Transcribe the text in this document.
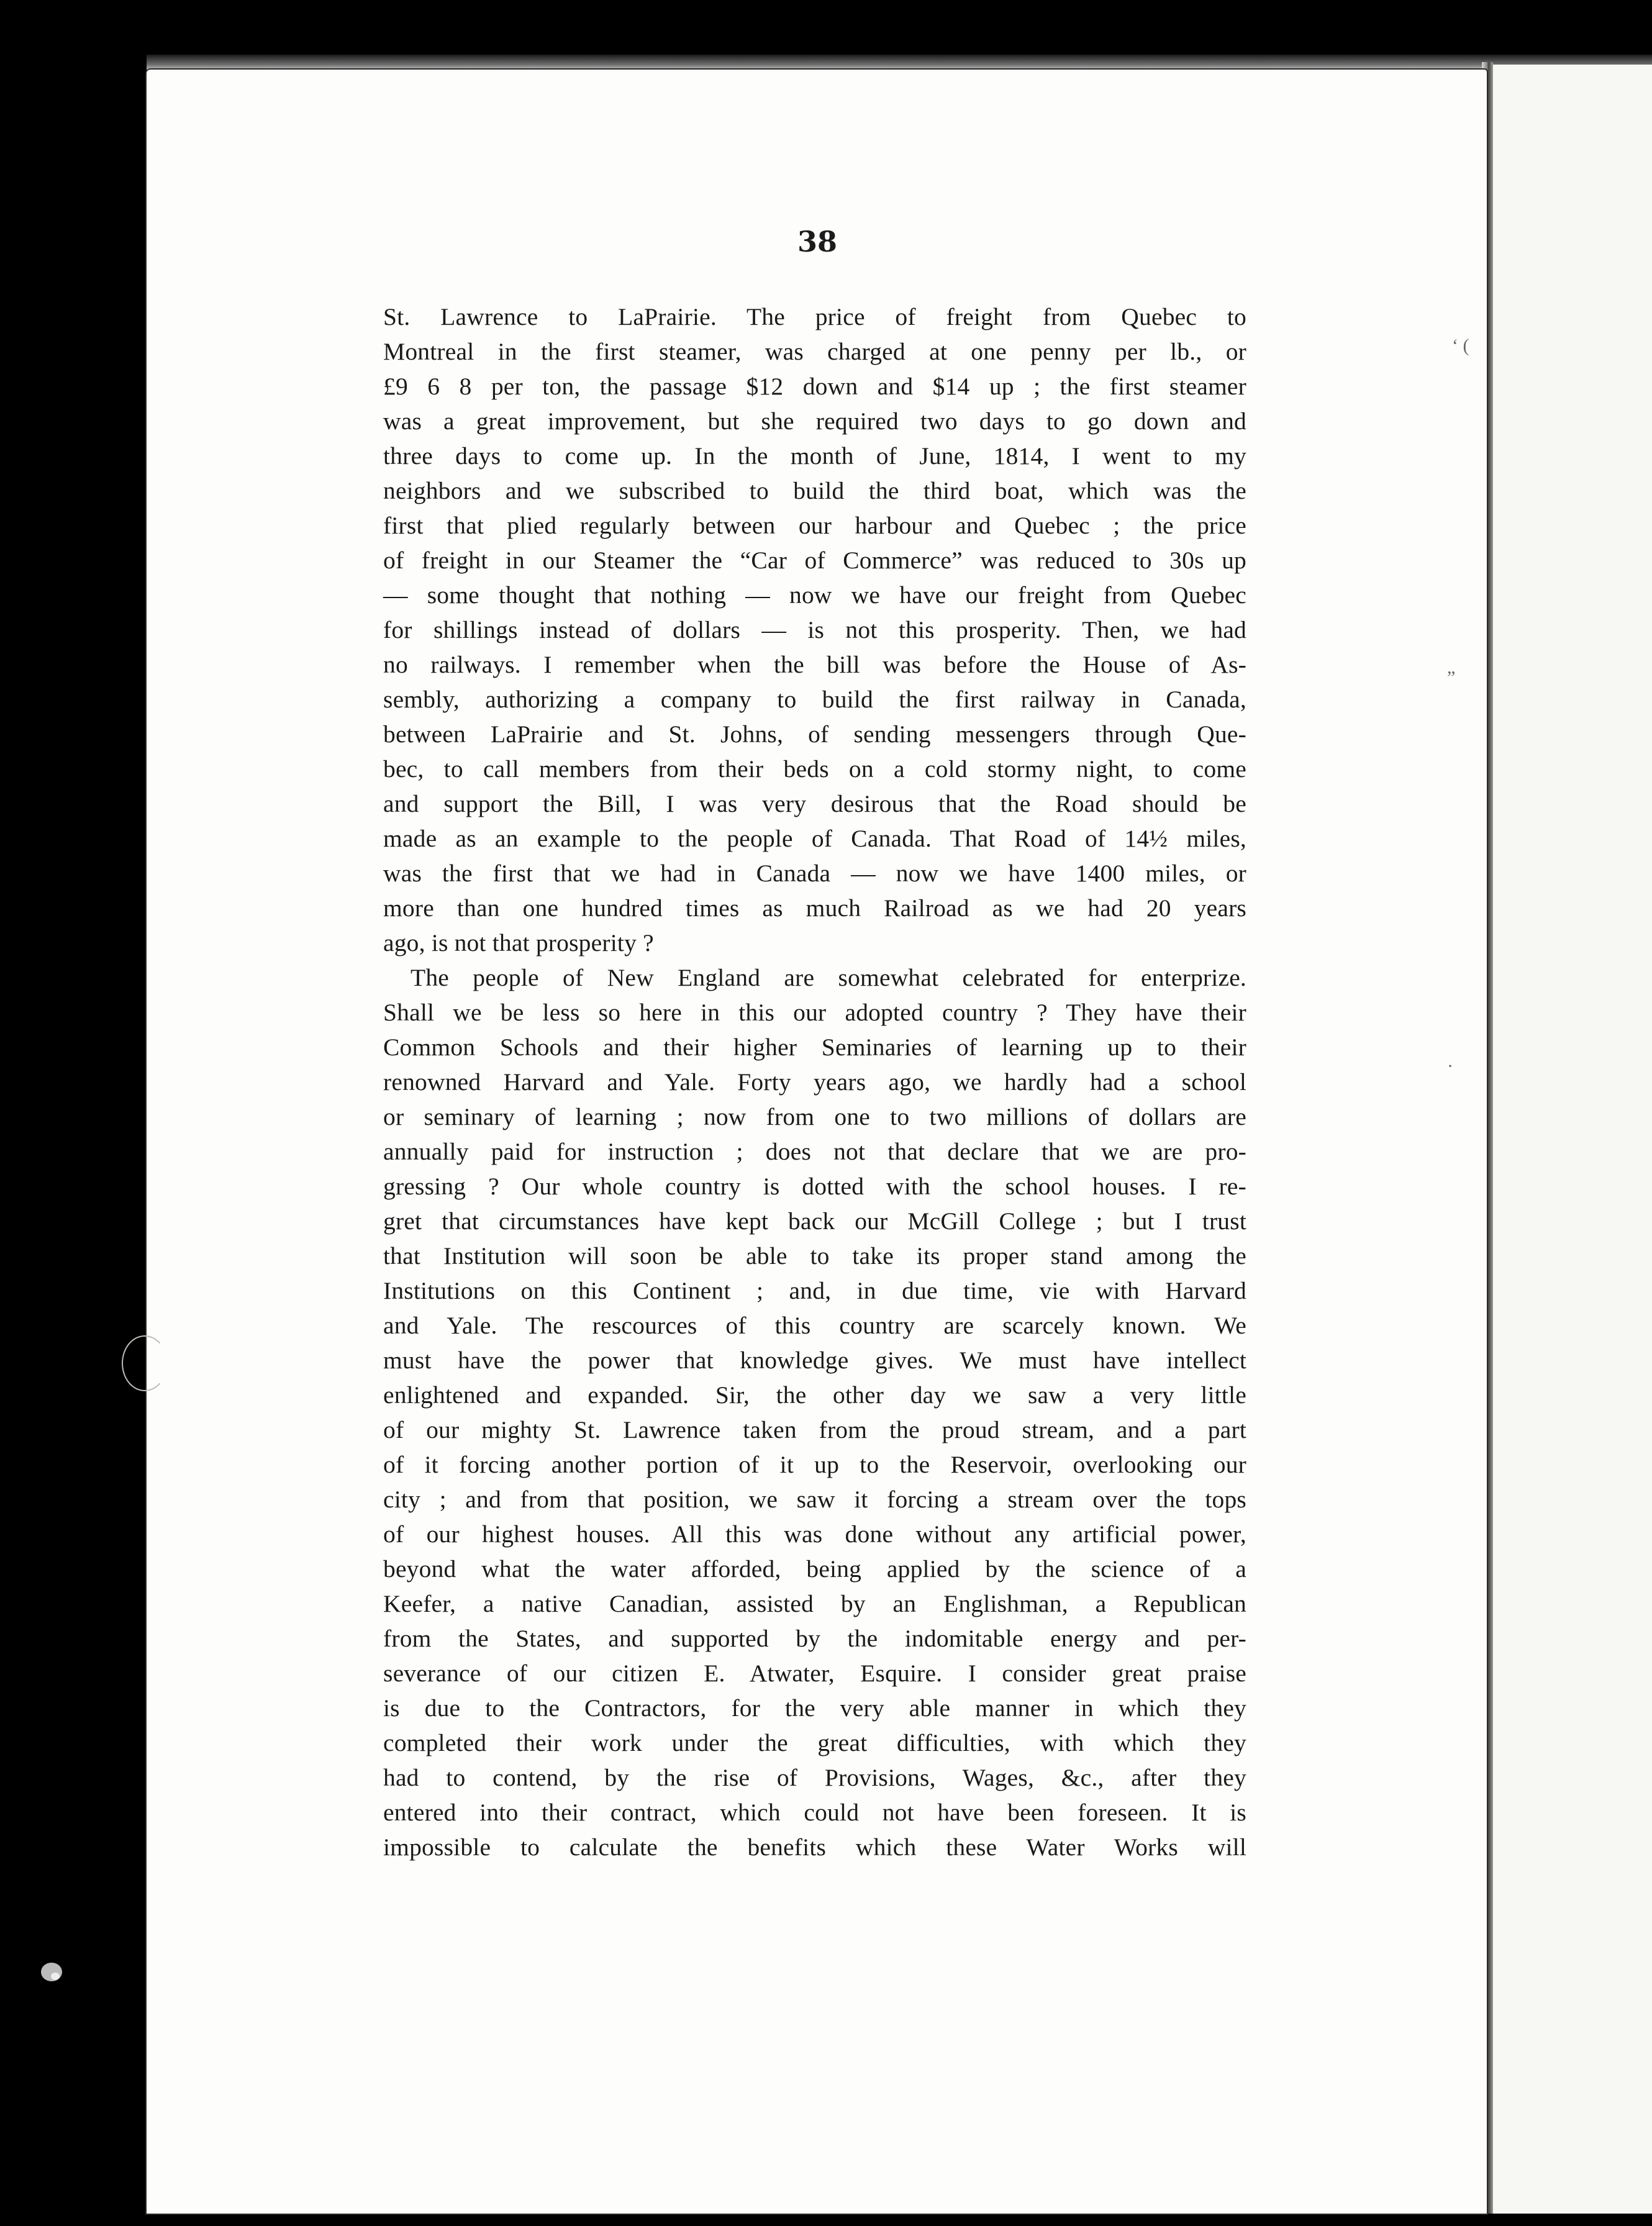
38
St. Lawrence to LaPrairie. The price of freight from Quebec to
Montreal in the first steamer, was charged at one penny per lb., or
£9 6 8 per ton, the passage $12 down and $14 up ; the first steamer
was a great improvement, but she required two days to go down and
three days to come up. In the month of June, 1814, I went to my
neighbors and we subscribed to build the third boat, which was the
first that plied regularly between our harbour and Quebec ; the price
of freight in our Steamer the “Car of Commerce” was reduced to 30s up
— some thought that nothing — now we have our freight from Quebec
for shillings instead of dollars — is not this prosperity. Then, we had
no railways. I remember when the bill was before the House of As-
sembly, authorizing a company to build the first railway in Canada,
between LaPrairie and St. Johns, of sending messengers through Que-
bec, to call members from their beds on a cold stormy night, to come
and support the Bill, I was very desirous that the Road should be
made as an example to the people of Canada. That Road of 14½ miles,
was the first that we had in Canada — now we have 1400 miles, or
more than one hundred times as much Railroad as we had 20 years
ago, is not that prosperity ?
The people of New England are somewhat celebrated for enterprize.
Shall we be less so here in this our adopted country ? They have their
Common Schools and their higher Seminaries of learning up to their
renowned Harvard and Yale. Forty years ago, we hardly had a school
or seminary of learning ; now from one to two millions of dollars are
annually paid for instruction ; does not that declare that we are pro-
gressing ? Our whole country is dotted with the school houses. I re-
gret that circumstances have kept back our McGill College ; but I trust
that Institution will soon be able to take its proper stand among the
Institutions on this Continent ; and, in due time, vie with Harvard
and Yale. The rescources of this country are scarcely known. We
must have the power that knowledge gives. We must have intellect
enlightened and expanded. Sir, the other day we saw a very little
of our mighty St. Lawrence taken from the proud stream, and a part
of it forcing another portion of it up to the Reservoir, overlooking our
city ; and from that position, we saw it forcing a stream over the tops
of our highest houses. All this was done without any artificial power,
beyond what the water afforded, being applied by the science of a
Keefer, a native Canadian, assisted by an Englishman, a Republican
from the States, and supported by the indomitable energy and per-
severance of our citizen E. Atwater, Esquire. I consider great praise
is due to the Contractors, for the very able manner in which they
completed their work under the great difficulties, with which they
had to contend, by the rise of Provisions, Wages, &c., after they
entered into their contract, which could not have been foreseen. It is
impossible to calculate the benefits which these Water Works will
‘ (
„
·
